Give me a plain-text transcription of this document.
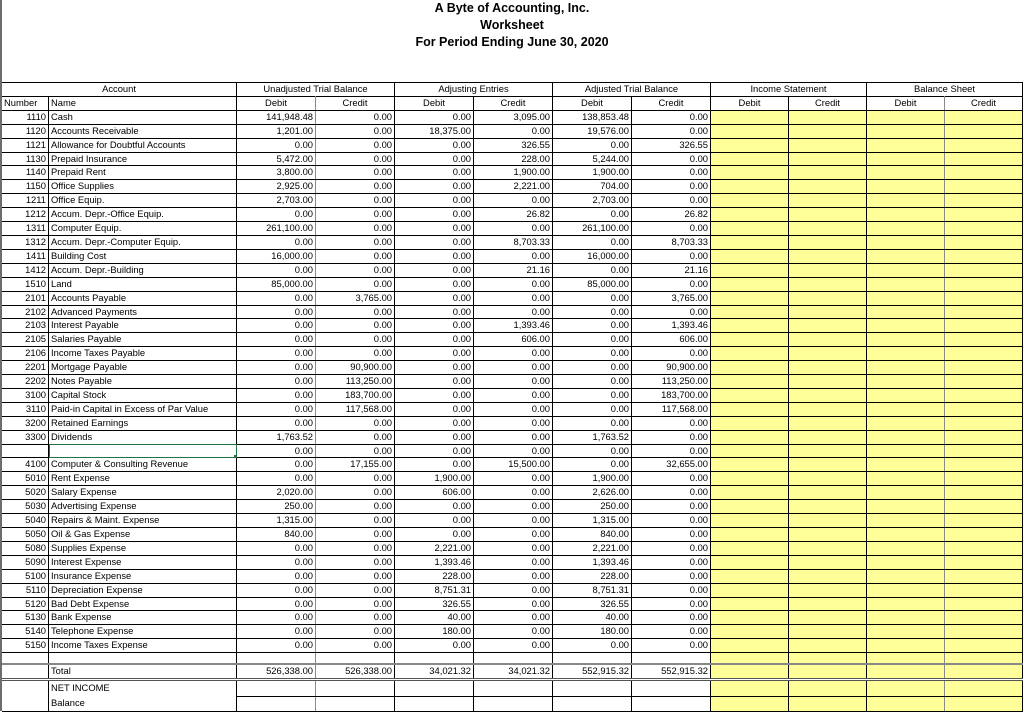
A Byte of Accounting, Inc.
Worksheet
For Period Ending June 30, 2020
Account		Unadjusted Trial Balance		Adjusting Entries		Adjusted Trial Balance		Income Statement		Balance Sheet	
Number	Name	Debit	Credit	Debit	Credit	Debit	Credit	Debit	Credit	Debit	Credit
1110	Cash	141,948.48	0.00	0.00	3,095.00	138,853.48	0.00				
1120	Accounts Receivable	1,201.00	0.00	18,375.00	0.00	19,576.00	0.00				
1121	Allowance for Doubtful Accounts	0.00	0.00	0.00	326.55	0.00	326.55				
1130	Prepaid Insurance	5,472.00	0.00	0.00	228.00	5,244.00	0.00				
1140	Prepaid Rent	3,800.00	0.00	0.00	1,900.00	1,900.00	0.00				
1150	Office Supplies	2,925.00	0.00	0.00	2,221.00	704.00	0.00				
1211	Office Equip.	2,703.00	0.00	0.00	0.00	2,703.00	0.00				
1212	Accum. Depr.-Office Equip.	0.00	0.00	0.00	26.82	0.00	26.82				
1311	Computer Equip.	261,100.00	0.00	0.00	0.00	261,100.00	0.00				
1312	Accum. Depr.-Computer Equip.	0.00	0.00	0.00	8,703.33	0.00	8,703.33				
1411	Building Cost	16,000.00	0.00	0.00	0.00	16,000.00	0.00				
1412	Accum. Depr.-Building	0.00	0.00	0.00	21.16	0.00	21.16				
1510	Land	85,000.00	0.00	0.00	0.00	85,000.00	0.00				
2101	Accounts Payable	0.00	3,765.00	0.00	0.00	0.00	3,765.00				
2102	Advanced Payments	0.00	0.00	0.00	0.00	0.00	0.00				
2103	Interest Payable	0.00	0.00	0.00	1,393.46	0.00	1,393.46				
2105	Salaries Payable	0.00	0.00	0.00	606.00	0.00	606.00				
2106	Income Taxes Payable	0.00	0.00	0.00	0.00	0.00	0.00				
2201	Mortgage Payable	0.00	90,900.00	0.00	0.00	0.00	90,900.00				
2202	Notes Payable	0.00	113,250.00	0.00	0.00	0.00	113,250.00				
3100	Capital Stock	0.00	183,700.00	0.00	0.00	0.00	183,700.00				
3110	Paid-in Capital in Excess of Par Value	0.00	117,568.00	0.00	0.00	0.00	117,568.00				
3200	Retained Earnings	0.00	0.00	0.00	0.00	0.00	0.00				
3300	Dividends	1,763.52	0.00	0.00	0.00	1,763.52	0.00				

	0.00	0.00	0.00	0.00	0.00	0.00				
4100	Computer & Consulting Revenue	0.00	17,155.00	0.00	15,500.00	0.00	32,655.00				
5010	Rent Expense	0.00	0.00	1,900.00	0.00	1,900.00	0.00				
5020	Salary Expense	2,020.00	0.00	606.00	0.00	2,626.00	0.00				
5030	Advertising Expense	250.00	0.00	0.00	0.00	250.00	0.00				
5040	Repairs & Maint. Expense	1,315.00	0.00	0.00	0.00	1,315.00	0.00				
5050	Oil & Gas Expense	840.00	0.00	0.00	0.00	840.00	0.00				
5080	Supplies Expense	0.00	0.00	2,221.00	0.00	2,221.00	0.00				
5090	Interest Expense	0.00	0.00	1,393.46	0.00	1,393.46	0.00				
5100	Insurance Expense	0.00	0.00	228.00	0.00	228.00	0.00				
5110	Depreciation Expense	0.00	0.00	8,751.31	0.00	8,751.31	0.00				
5120	Bad Debt Expense	0.00	0.00	326.55	0.00	326.55	0.00				
5130	Bank Expense	0.00	0.00	40.00	0.00	40.00	0.00				
5140	Telephone Expense	0.00	0.00	180.00	0.00	180.00	0.00				
5150	Income Taxes Expense	0.00	0.00	0.00	0.00	0.00	0.00				

	Total	526,338.00	526,338.00	34,021.32	34,021.32	552,915.32	552,915.32				
	NET INCOME										
	Balance										
